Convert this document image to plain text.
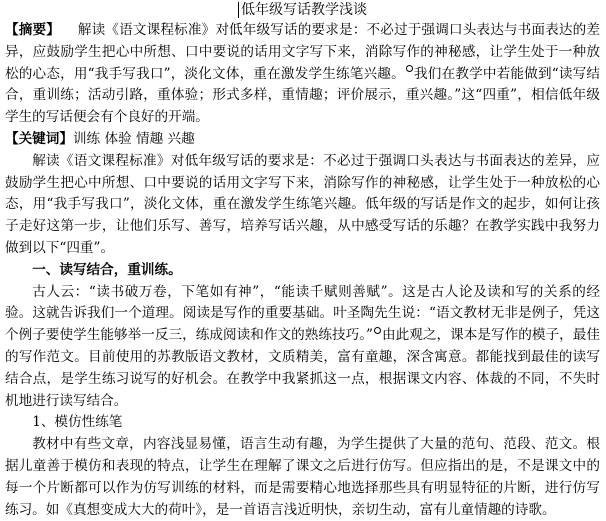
低年级写话教学浅谈

【摘要】 解读《语文课程标准》对低年级写话的要求是：不必过于强调口头表达与书面表达的差异，应鼓励学生把心中所想、口中要说的话用文字写下来，消除写作的神秘感，让学生处于一种放松的心态，用“我手写我口”，淡化文体，重在激发学生练笔兴趣。 我们在教学中若能做到“读写结合，重训练；活动引路，重体验；形式多样，重情趣；评价展示，重兴趣。”这“四重”，相信低年级学生的写话便会有个良好的开端。

【关键词】训练 体验 情趣 兴趣

解读《语文课程标准》对低年级写话的要求是：不必过于强调口头表达与书面表达的差异，应鼓励学生把心中所想、口中要说的话用文字写下来，消除写作的神秘感，让学生处于一种放松的心态，用“我手写我口”，淡化文体，重在激发学生练笔兴趣。低年级的写话是作文的起步，如何让孩子走好这第一步，让他们乐写、善写，培养写话兴趣，从中感受写话的乐趣？在教学实践中我努力做到以下“四重”。

一、读写结合，重训练。

古人云：“读书破万卷，下笔如有神”，“能读千赋则善赋”。这是古人论及读和写的关系的经验。这就告诉我们一个道理。阅读是写作的重要基础。叶圣陶先生说：“语文教材无非是例子，凭这个例子要使学生能够举一反三，练成阅读和作文的熟练技巧。” 由此观之，课本是写作的模子，最佳的写作范文。目前使用的苏教版语文教材，文质精美，富有童趣，深含寓意。都能找到最佳的读写结合点，是学生练习说写的好机会。在教学中我紧抓这一点，根据课文内容、体裁的不同，不失时机地进行读写结合。

1、模仿性练笔

教材中有些文章，内容浅显易懂，语言生动有趣，为学生提供了大量的范句、范段、范文。根据儿童善于模仿和表现的特点，让学生在理解了课文之后进行仿写。但应指出的是，不是课文中的每一个片断都可以作为仿写训练的材料，而是需要精心地选择那些具有明显特征的片断，进行仿写练习。如《真想变成大大的荷叶》，是一首语言浅近明快，亲切生动，富有儿童情趣的诗歌。
